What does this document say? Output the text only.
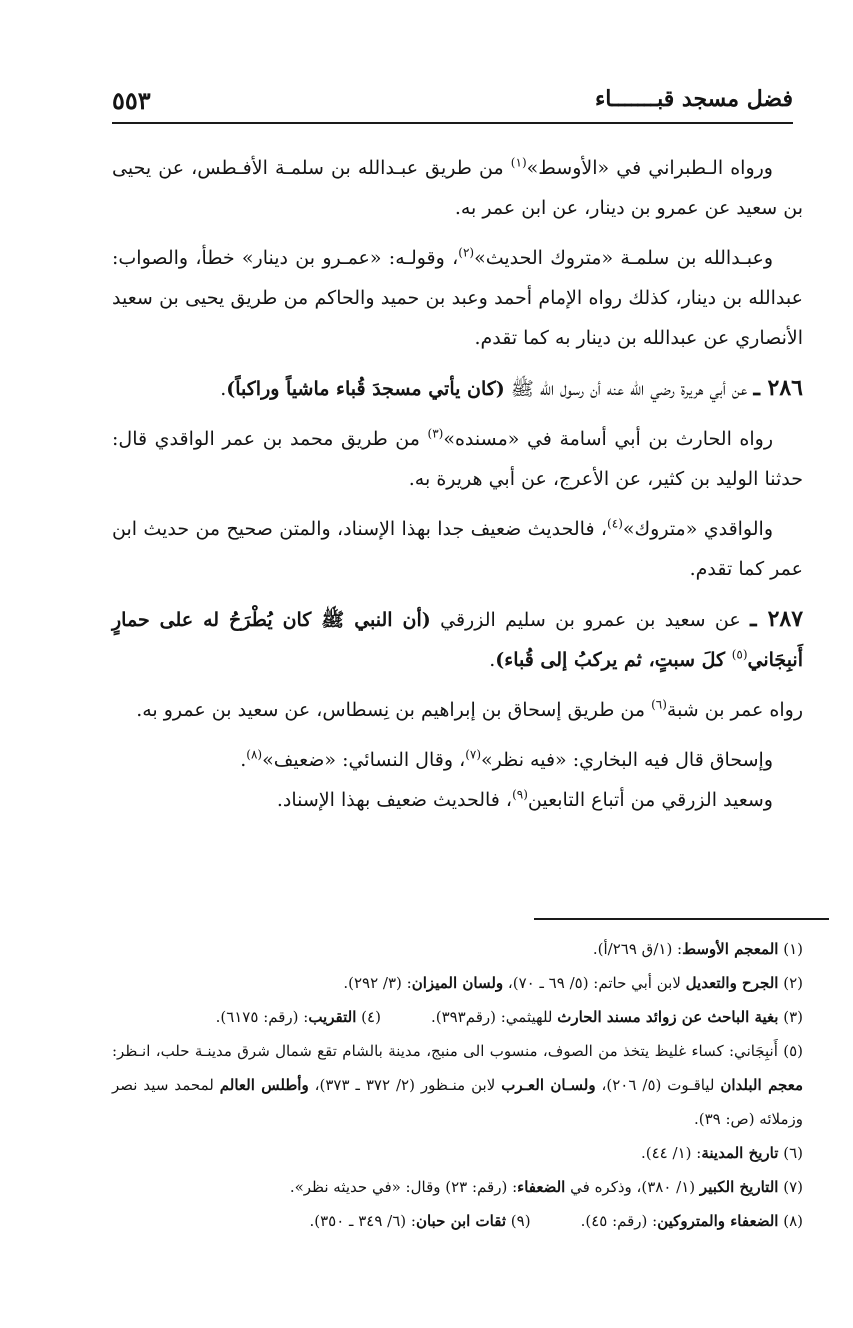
فضل مسجد قبـــــــاء
٥٥٣

ورواه الـطبراني في «الأوسط»$^{(١)}$ من طريق عبـدالله بن سلمـة الأفـطس، عن يحيى بن سعيد عن عمرو بن دينار، عن ابن عمر به.

وعبـدالله بن سلمـة «متروك الحديث»$^{(٢)}$، وقولـه: «عمـرو بن دينار» خطأ، والصواب: عبدالله بن دينار، كذلك رواه الإمام أحمد وعبد بن حميد والحاكم من طريق يحيى بن سعيد الأنصاري عن عبدالله بن دينار به كما تقدم.

٢٨٦ ـ عن أبي هريرة رضي الله عنه أن رسول الله ﷺ (كان يأتي مسجدَ قُباء ماشياً وراكباً).

رواه الحارث بن أبي أسامة في «مسنده»$^{(٣)}$ من طريق محمد بن عمر الواقدي قال: حدثنا الوليد بن كثير، عن الأعرج، عن أبي هريرة به.

والواقدي «متروك»$^{(٤)}$، فالحديث ضعيف جدا بهذا الإسناد، والمتن صحيح من حديث ابن عمر كما تقدم.

٢٨٧ ـ عن سعيد بن عمرو بن سليم الزرقي (أن النبي ﷺ كان يُطْرَحُ له على حمارٍ أَنبِجَاني$^{(٥)}$ كلَ سبتٍ، ثم يركبُ إلى قُباء).

رواه عمر بن شبة$^{(٦)}$ من طريق إسحاق بن إبراهيم بن نِسطاس، عن سعيد بن عمرو به.

وإسحاق قال فيه البخاري: «فيه نظر»$^{(٧)}$، وقال النسائي: «ضعيف»$^{(٨)}$.

وسعيد الزرقي من أتباع التابعين$^{(٩)}$، فالحديث ضعيف بهذا الإسناد.

(١) المعجم الأوسط: (١/ق ٢٦٩/أ).

(٢) الجرح والتعديل لابن أبي حاتم: (٥/ ٦٩ ـ ٧٠)، ولسان الميزان: (٣/ ٢٩٢).

(٣) بغية الباحث عن زوائد مسند الحارث للهيثمي: (رقم٣٩٣).(٤) التقريب: (رقم: ٦١٧٥).

(٥) أَنبِجَاني: كساء غليظ يتخذ من الصوف، منسوب الى منبج، مدينة بالشام تقع شمال شرق مدينـة حلب، انـظر: معجم البلدان لياقـوت (٥/ ٢٠٦)، ولسـان العـرب لابن منـظور (٢/ ٣٧٢ ـ ٣٧٣)، وأطلس العالم لمحمد سيد نصر وزملائه (ص: ٣٩).

(٦) تاريخ المدينة: (١/ ٤٤).

(٧) التاريخ الكبير (١/ ٣٨٠)، وذكره في الضعفاء: (رقم: ٢٣) وقال: «في حديثه نظر».

(٨) الضعفاء والمتروكين: (رقم: ٤٥).(٩) ثقات ابن حبان: (٦/ ٣٤٩ ـ ٣٥٠).
